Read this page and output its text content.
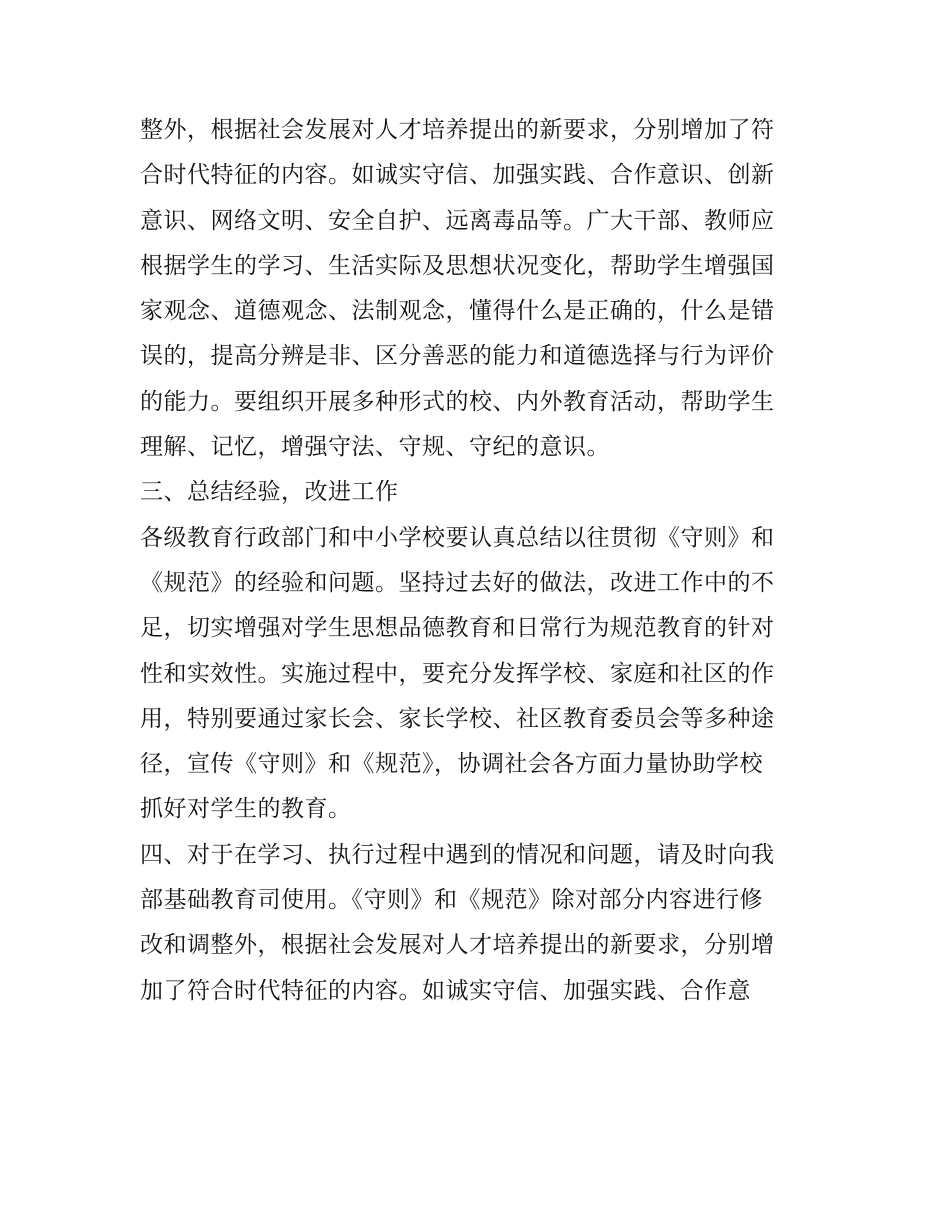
整外，根据社会发展对人才培养提出的新要求，分别增加了符
合时代特征的内容。如诚实守信、加强实践、合作意识、创新
意识、网络文明、安全自护、远离毒品等。广大干部、教师应
根据学生的学习、生活实际及思想状况变化，帮助学生增强国
家观念、道德观念、法制观念，懂得什么是正确的，什么是错
误的，提高分辨是非、区分善恶的能力和道德选择与行为评价
的能力。要组织开展多种形式的校、内外教育活动，帮助学生
理解、记忆，增强守法、守规、守纪的意识。
三、总结经验，改进工作
各级教育行政部门和中小学校要认真总结以往贯彻《守则》和
《规范》的经验和问题。坚持过去好的做法，改进工作中的不
足，切实增强对学生思想品德教育和日常行为规范教育的针对
性和实效性。实施过程中，要充分发挥学校、家庭和社区的作
用，特别要通过家长会、家长学校、社区教育委员会等多种途
径，宣传《守则》和《规范》，协调社会各方面力量协助学校
抓好对学生的教育。
四、对于在学习、执行过程中遇到的情况和问题，请及时向我
部基础教育司使用。《守则》和《规范》除对部分内容进行修
改和调整外，根据社会发展对人才培养提出的新要求，分别增
加了符合时代特征的内容。如诚实守信、加强实践、合作意
